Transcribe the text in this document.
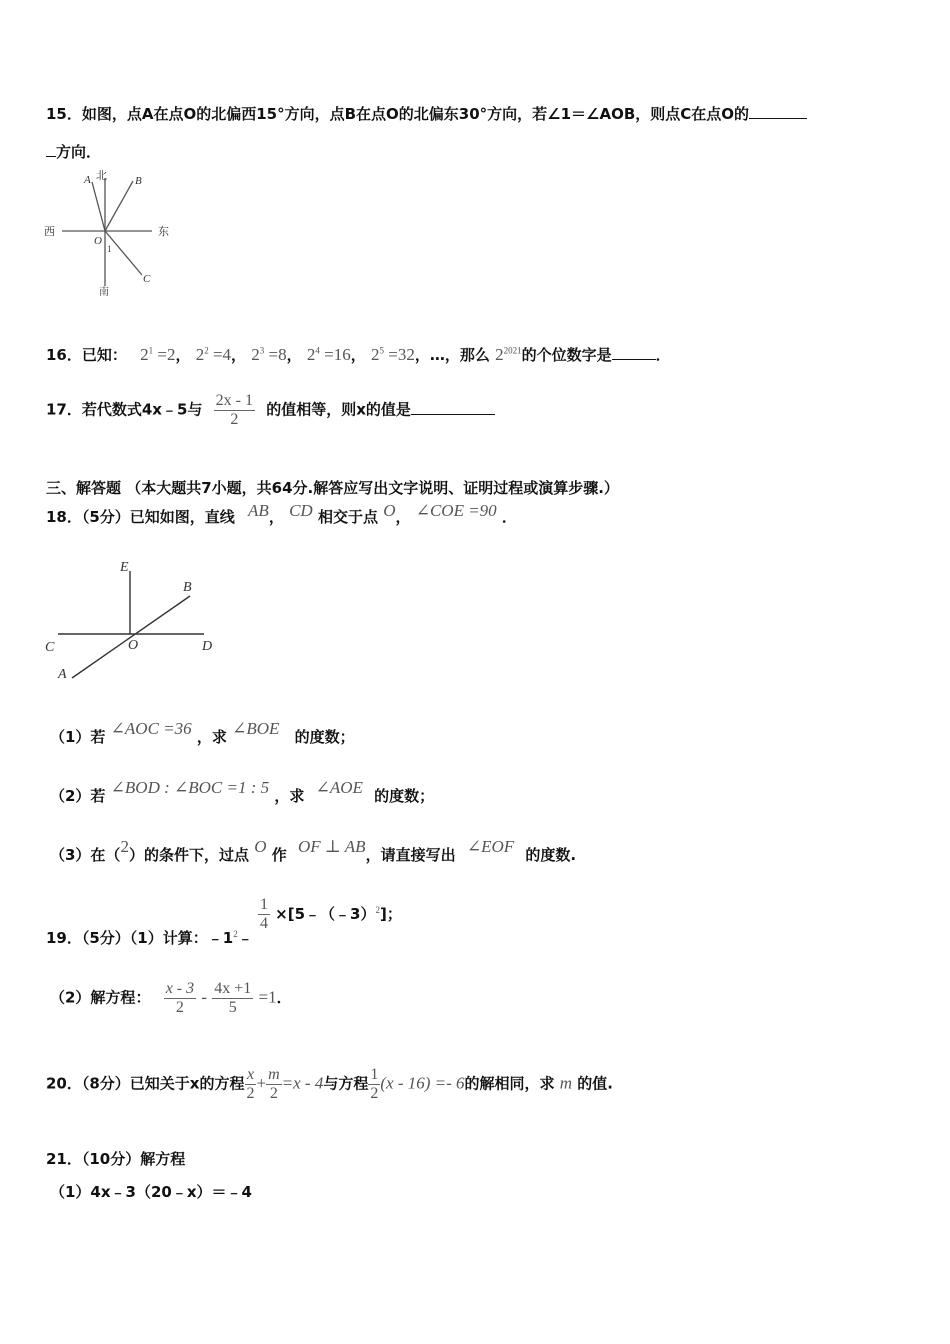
15．如图，点A在点O的北偏西15°方向，点B在点O的北偏东30°方向，若∠1＝∠AOB，则点C在点O的
方向．
北
南
西	东
A	B
C
O
1
16．已知： $2^1 =2$， $2^2 =4$， $2^3 =8$， $2^4 =16$， $2^5 =32$，…，那么 $2^{2021}$的个位数字是	．
17．若代数式4x﹣5与 $\frac{2x - 1}{2}$ 的值相等，则x的值是
三、解答题 （本大题共7小题，共64分.解答应写出文字说明、证明过程或演算步骤.）
18．（5分）已知如图，直线 AB， CD 相交于点 O， ∠COE =90 ．
E
B
C	O	D
A
（1）若 ∠AOC =36 ，求 ∠BOE 的度数；
（2）若 ∠BOD : ∠BOC =1 : 5 ，求 ∠AOE 的度数；
（3）在（2）的条件下，过点 O 作 OF ⊥ AB，请直接写出 ∠EOF 的度数.
19．（5分）（1）计算：$﹣1^2﹣$
$\frac{1}{4}$ ×[5﹣（﹣3）$^2$]；
（2）解方程： $\frac{x - 3}{2} - \frac{4x +1}{5} =1$．
20．（8分）已知关于x的方程 $\frac{x}{2} + \frac{m}{2} =x - 4$与方程 $\frac{1}{2} (x - 16) =- 6$的解相同，求 m 的值.
21．（10分）解方程
（1）4x﹣3（20﹣x）＝﹣4
